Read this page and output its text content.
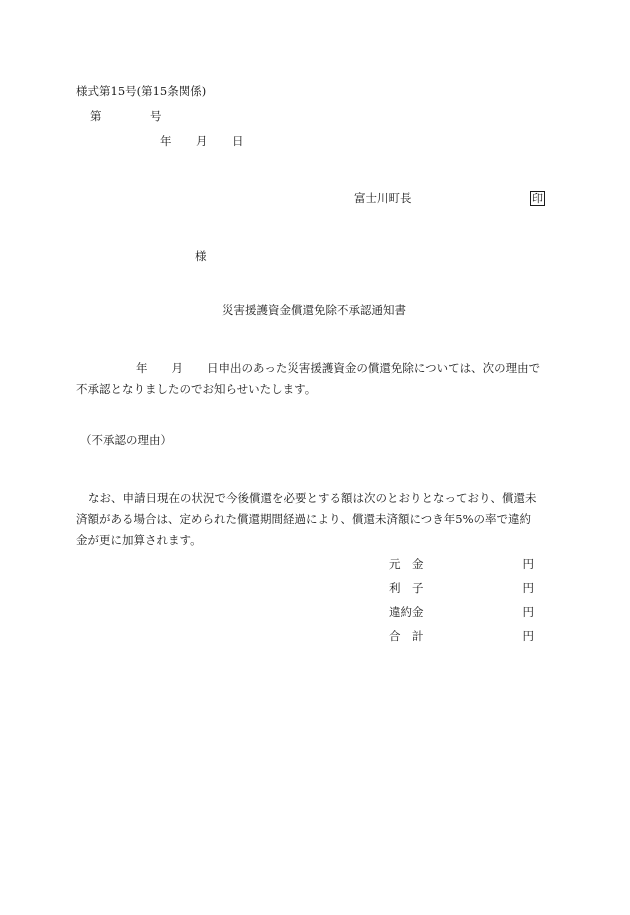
様式第15号(第15条関係)
第	号
年 月 日
富士川町長	印
様
災害援護資金償還免除不承認通知書
年 月 日申出のあった災害援護資金の償還免除については、次の理由で
不承認となりましたのでお知らせいたします。
（不承認の理由）
なお、申請日現在の状況で今後償還を必要とする額は次のとおりとなっており、償還未
済額がある場合は、定められた償還期間経過により、償還未済額につき年5%の率で違約
金が更に加算されます。
元　金	円
利　子	円
違約金	円
合　計	円
